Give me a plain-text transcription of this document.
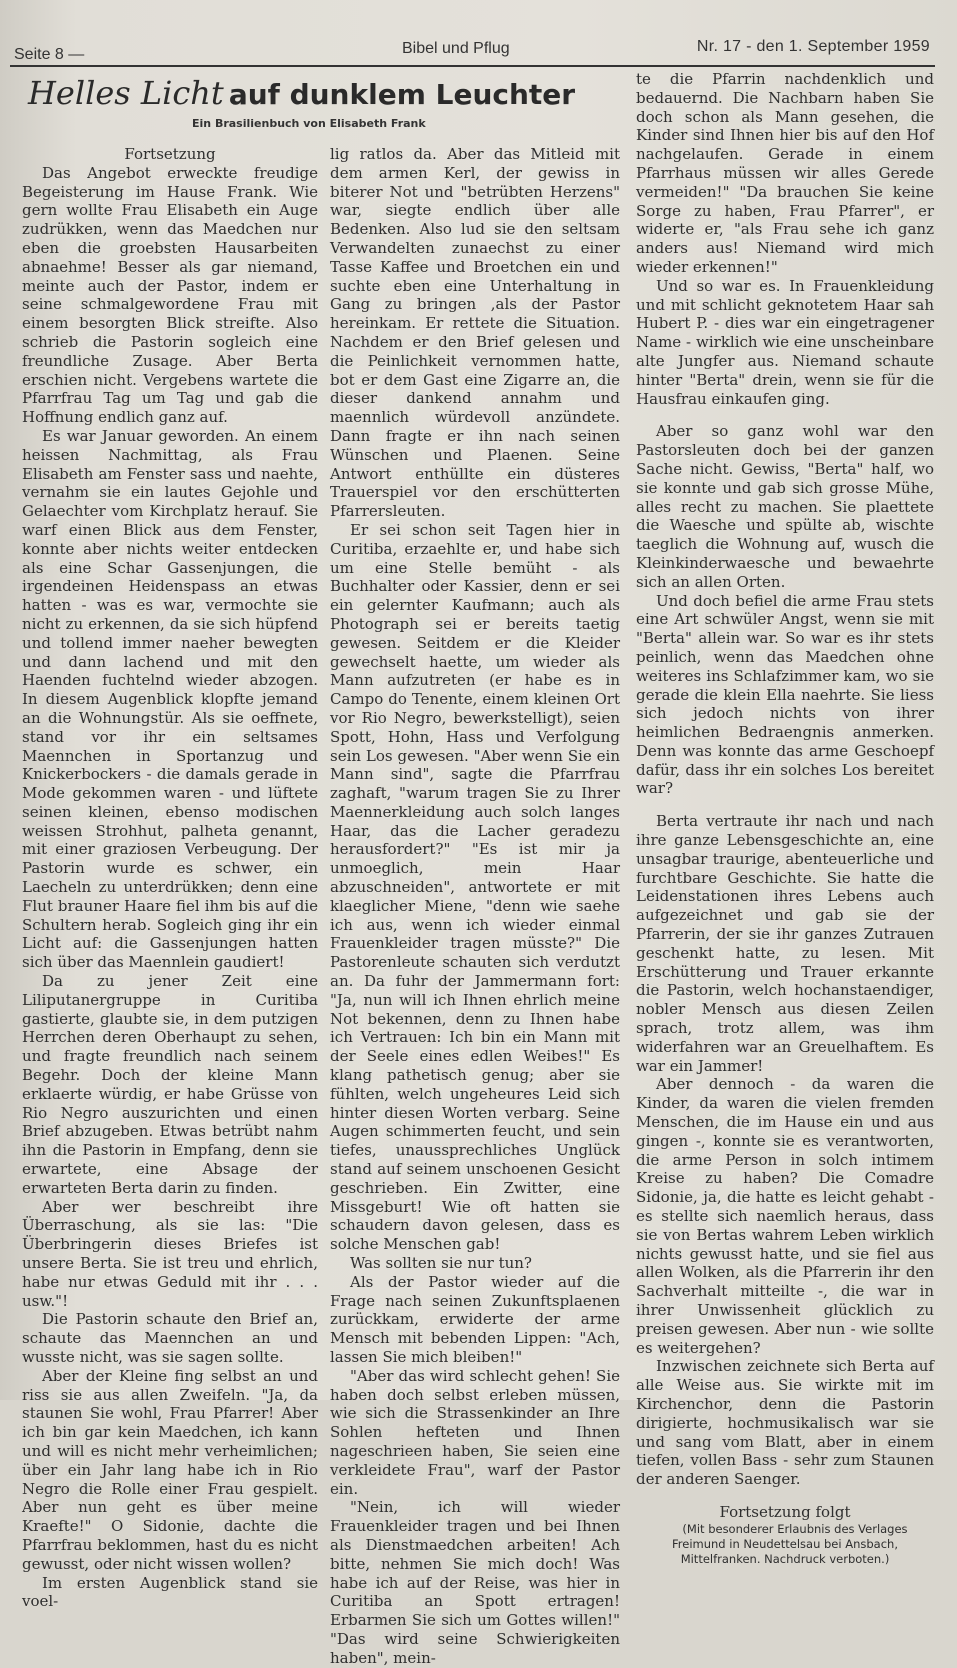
Seite 8 —	Bibel und Pflug	Nr. 17 - den 1. September 1959
Helles Licht auf dunklem Leuchter
Ein Brasilienbuch von Elisabeth Frank

Fortsetzung

Das Angebot erweckte freudige Begeisterung im Hause Frank. Wie gern wollte Frau Elisabeth ein Auge zudrükken, wenn das Maedchen nur eben die groebsten Hausarbeiten abnaehme! Besser als gar niemand, meinte auch der Pastor, indem er seine schmalgewordene Frau mit einem besorgten Blick streifte. Also schrieb die Pastorin sogleich eine freundliche Zusage. Aber Berta erschien nicht. Vergebens wartete die Pfarrfrau Tag um Tag und gab die Hoffnung endlich ganz auf.

Es war Januar geworden. An einem heissen Nachmittag, als Frau Elisabeth am Fenster sass und naehte, vernahm sie ein lautes Gejohle und Gelaechter vom Kirchplatz herauf. Sie warf einen Blick aus dem Fenster, konnte aber nichts weiter entdecken als eine Schar Gassenjungen, die irgendeinen Heidenspass an etwas hatten - was es war, vermochte sie nicht zu erkennen, da sie sich hüpfend und tollend immer naeher bewegten und dann lachend und mit den Haenden fuchtelnd wieder abzogen. In diesem Augenblick klopfte jemand an die Wohnungstür. Als sie oeffnete, stand vor ihr ein seltsames Maennchen in Sportanzug und Knickerbockers - die damals gerade in Mode gekommen waren - und lüftete seinen kleinen, ebenso modischen weissen Strohhut, palheta genannt, mit einer graziosen Verbeugung. Der Pastorin wurde es schwer, ein Laecheln zu unterdrükken; denn eine Flut brauner Haare fiel ihm bis auf die Schultern herab. Sogleich ging ihr ein Licht auf: die Gassenjungen hatten sich über das Maennlein gaudiert!

Da zu jener Zeit eine Liliputanergruppe in Curitiba gastierte, glaubte sie, in dem putzigen Herrchen deren Oberhaupt zu sehen, und fragte freundlich nach seinem Begehr. Doch der kleine Mann erklaerte würdig, er habe Grüsse von Rio Negro auszurichten und einen Brief abzugeben. Etwas betrübt nahm ihn die Pastorin in Empfang, denn sie erwartete, eine Absage der erwarteten Berta darin zu finden.

Aber wer beschreibt ihre Überraschung, als sie las: "Die Überbringerin dieses Briefes ist unsere Berta. Sie ist treu und ehrlich, habe nur etwas Geduld mit ihr . . . usw."!

Die Pastorin schaute den Brief an, schaute das Maennchen an und wusste nicht, was sie sagen sollte.

Aber der Kleine fing selbst an und riss sie aus allen Zweifeln. "Ja, da staunen Sie wohl, Frau Pfarrer! Aber ich bin gar kein Maedchen, ich kann und will es nicht mehr verheimlichen; über ein Jahr lang habe ich in Rio Negro die Rolle einer Frau gespielt. Aber nun geht es über meine Kraefte!" O Sidonie, dachte die Pfarrfrau beklommen, hast du es nicht gewusst, oder nicht wissen wollen?

Im ersten Augenblick stand sie voel-

lig ratlos da. Aber das Mitleid mit dem armen Kerl, der gewiss in biterer Not und "betrübten Herzens" war, siegte endlich über alle Bedenken. Also lud sie den seltsam Verwandelten zunaechst zu einer Tasse Kaffee und Broetchen ein und suchte eben eine Unterhaltung in Gang zu bringen ,als der Pastor hereinkam. Er rettete die Situation. Nachdem er den Brief gelesen und die Peinlichkeit vernommen hatte, bot er dem Gast eine Zigarre an, die dieser dankend annahm und maennlich würdevoll anzündete. Dann fragte er ihn nach seinen Wünschen und Plaenen. Seine Antwort enthüllte ein düsteres Trauerspiel vor den erschütterten Pfarrersleuten.

Er sei schon seit Tagen hier in Curitiba, erzaehlte er, und habe sich um eine Stelle bemüht - als Buchhalter oder Kassier, denn er sei ein gelernter Kaufmann; auch als Photograph sei er bereits taetig gewesen. Seitdem er die Kleider gewechselt haette, um wieder als Mann aufzutreten (er habe es in Campo do Tenente, einem kleinen Ort vor Rio Negro, bewerkstelligt), seien Spott, Hohn, Hass und Verfolgung sein Los gewesen. "Aber wenn Sie ein Mann sind", sagte die Pfarrfrau zaghaft, "warum tragen Sie zu Ihrer Maennerkleidung auch solch langes Haar, das die Lacher geradezu herausfordert?" "Es ist mir ja unmoeglich, mein Haar abzuschneiden", antwortete er mit klaeglicher Miene, "denn wie saehe ich aus, wenn ich wieder einmal Frauenkleider tragen müsste?" Die Pastorenleute schauten sich verdutzt an. Da fuhr der Jammermann fort: "Ja, nun will ich Ihnen ehrlich meine Not bekennen, denn zu Ihnen habe ich Vertrauen: Ich bin ein Mann mit der Seele eines edlen Weibes!" Es klang pathetisch genug; aber sie fühlten, welch ungeheures Leid sich hinter diesen Worten verbarg. Seine Augen schimmerten feucht, und sein tiefes, unaussprechliches Unglück stand auf seinem unschoenen Gesicht geschrieben. Ein Zwitter, eine Missgeburt! Wie oft hatten sie schaudern davon gelesen, dass es solche Menschen gab!

Was sollten sie nur tun?

Als der Pastor wieder auf die Frage nach seinen Zukunftsplaenen zurückkam, erwiderte der arme Mensch mit bebenden Lippen: "Ach, lassen Sie mich bleiben!"

"Aber das wird schlecht gehen! Sie haben doch selbst erleben müssen, wie sich die Strassenkinder an Ihre Sohlen hefteten und Ihnen nageschrieen haben, Sie seien eine verkleidete Frau", warf der Pastor ein.

"Nein, ich will wieder Frauenkleider tragen und bei Ihnen als Dienstmaedchen arbeiten! Ach bitte, nehmen Sie mich doch! Was habe ich auf der Reise, was hier in Curitiba an Spott ertragen! Erbarmen Sie sich um Gottes willen!" "Das wird seine Schwierigkeiten haben", mein-

te die Pfarrin nachdenklich und bedauernd. Die Nachbarn haben Sie doch schon als Mann gesehen, die Kinder sind Ihnen hier bis auf den Hof nachgelaufen. Gerade in einem Pfarrhaus müssen wir alles Gerede vermeiden!" "Da brauchen Sie keine Sorge zu haben, Frau Pfarrer", er widerte er, "als Frau sehe ich ganz anders aus! Niemand wird mich wieder erkennen!"

Und so war es. In Frauenkleidung und mit schlicht geknotetem Haar sah Hubert P. - dies war ein eingetragener Name - wirklich wie eine unscheinbare alte Jungfer aus. Niemand schaute hinter "Berta" drein, wenn sie für die Hausfrau einkaufen ging.

Aber so ganz wohl war den Pastorsleuten doch bei der ganzen Sache nicht. Gewiss, "Berta" half, wo sie konnte und gab sich grosse Mühe, alles recht zu machen. Sie plaettete die Waesche und spülte ab, wischte taeglich die Wohnung auf, wusch die Kleinkinderwaesche und bewaehrte sich an allen Orten.

Und doch befiel die arme Frau stets eine Art schwüler Angst, wenn sie mit "Berta" allein war. So war es ihr stets peinlich, wenn das Maedchen ohne weiteres ins Schlafzimmer kam, wo sie gerade die klein Ella naehrte. Sie liess sich jedoch nichts von ihrer heimlichen Bedraengnis anmerken. Denn was konnte das arme Geschoepf dafür, dass ihr ein solches Los bereitet war?

Berta vertraute ihr nach und nach ihre ganze Lebensgeschichte an, eine unsagbar traurige, abenteuerliche und furchtbare Geschichte. Sie hatte die Leidenstationen ihres Lebens auch aufgezeichnet und gab sie der Pfarrerin, der sie ihr ganzes Zutrauen geschenkt hatte, zu lesen. Mit Erschütterung und Trauer erkannte die Pastorin, welch hochanstaendiger, nobler Mensch aus diesen Zeilen sprach, trotz allem, was ihm widerfahren war an Greuelhaftem. Es war ein Jammer!

Aber dennoch - da waren die Kinder, da waren die vielen fremden Menschen, die im Hause ein und aus gingen -, konnte sie es verantworten, die arme Person in solch intimem Kreise zu haben? Die Comadre Sidonie, ja, die hatte es leicht gehabt - es stellte sich naemlich heraus, dass sie von Bertas wahrem Leben wirklich nichts gewusst hatte, und sie fiel aus allen Wolken, als die Pfarrerin ihr den Sachverhalt mitteilte -, die war in ihrer Unwissenheit glücklich zu preisen gewesen. Aber nun - wie sollte es weitergehen?

Inzwischen zeichnete sich Berta auf alle Weise aus. Sie wirkte mit im Kirchenchor, denn die Pastorin dirigierte, hochmusikalisch war sie und sang vom Blatt, aber in einem tiefen, vollen Bass - sehr zum Staunen der anderen Saenger.

Fortsetzung folgt

(Mit besonderer Erlaubnis des Verlages Freimund in Neudettelsau bei Ansbach, Mittelfranken. Nachdruck verboten.)
